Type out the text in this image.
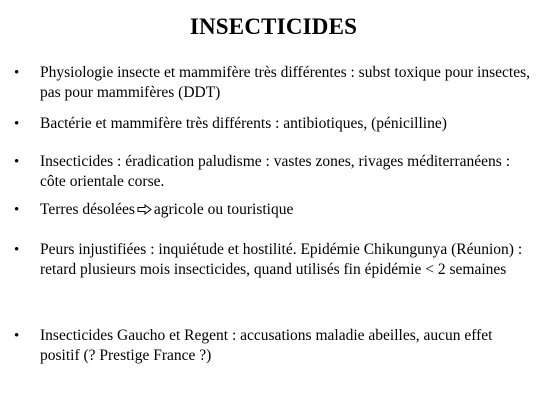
INSECTICIDES
• Physiologie insecte et mammifère très différentes : subst toxique pour insectes, pas pour mammifères (DDT)
• Bactérie et mammifère très différents : antibiotiques, (pénicilline)
• Insecticides : éradication paludisme : vastes zones, rivages méditerranéens : côte orientale corse.
• Terres désolées agricole ou touristique
• Peurs injustifiées : inquiétude et hostilité. Epidémie Chikungunya (Réunion) : retard plusieurs mois insecticides, quand utilisés fin épidémie < 2 semaines
• Insecticides Gaucho et Regent : accusations maladie abeilles, aucun effet positif (? Prestige France ?)
